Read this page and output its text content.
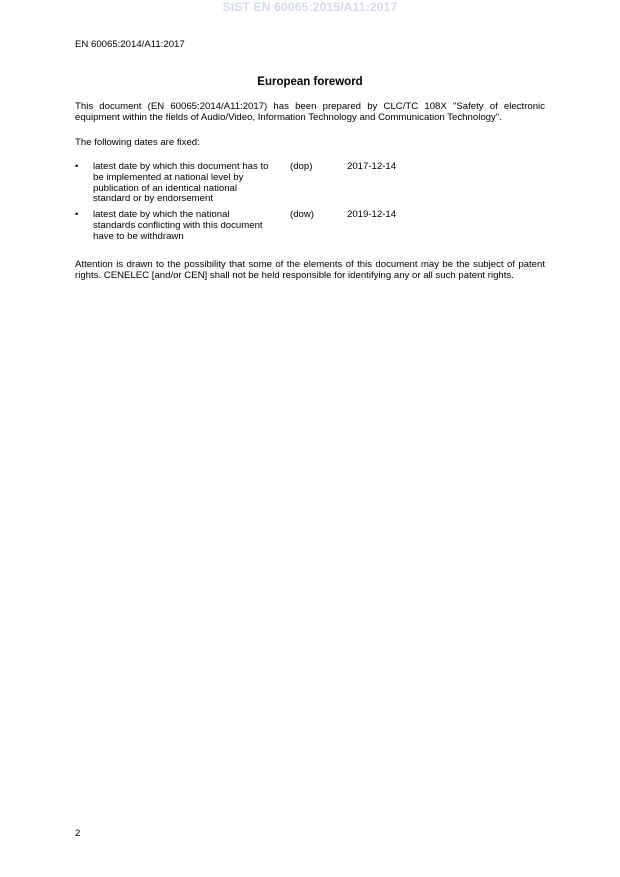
SIST EN 60065:2015/A11:2017
EN 60065:2014/A11:2017
European foreword
This document (EN 60065:2014/A11:2017) has been prepared by CLC/TC 108X "Safety of electronic equipment within the fields of Audio/Video, Information Technology and Communication Technology".
The following dates are fixed:
• latest date by which this document has to be implemented at national level by publication of an identical national standard or by endorsement
(dop)	2017-12-14
• latest date by which the national standards conflicting with this document have to be withdrawn
(dow)	2019-12-14
Attention is drawn to the possibility that some of the elements of this document may be the subject of patent rights. CENELEC [and/or CEN] shall not be held responsible for identifying any or all such patent rights.
2
